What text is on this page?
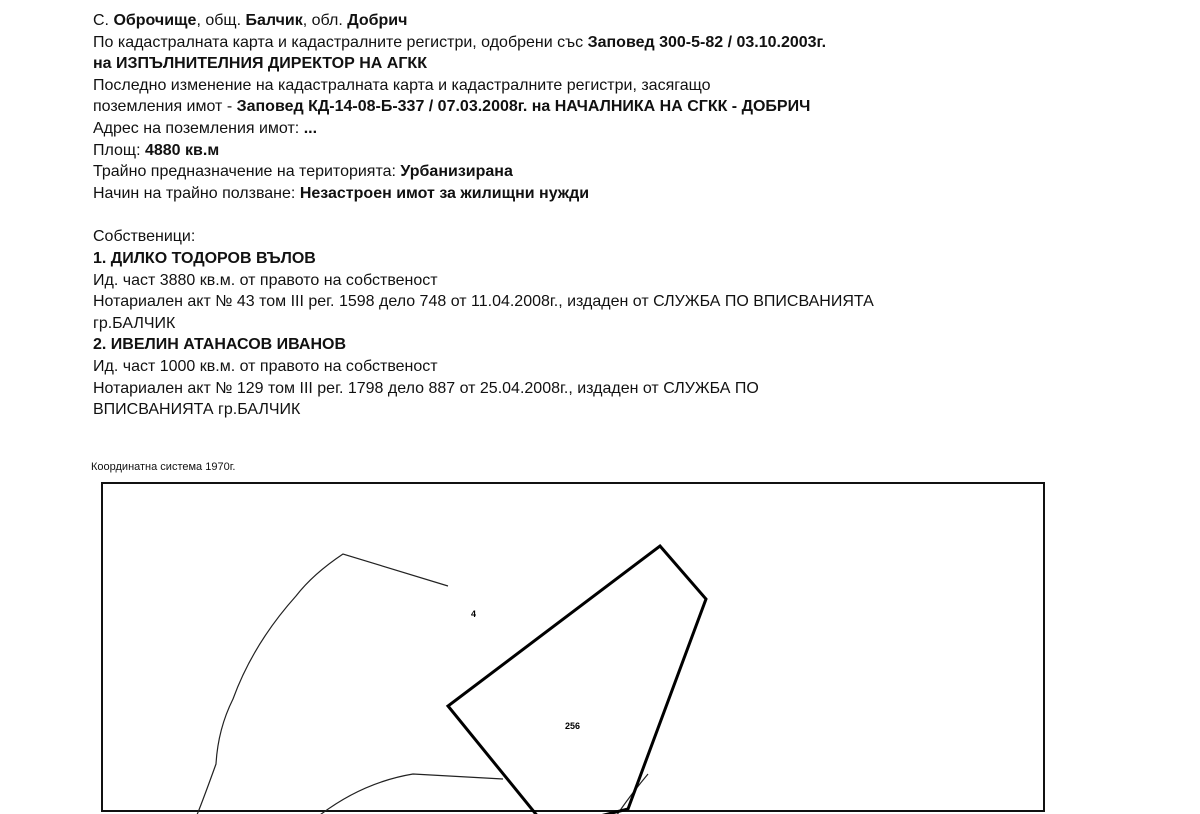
С. Оброчище, общ. Балчик, обл. Добрич
По кадастралната карта и кадастралните регистри, одобрени със Заповед 300-5-82 / 03.10.2003г.
на ИЗПЪЛНИТЕЛНИЯ ДИРЕКТОР НА АГКК
Последно изменение на кадастралната карта и кадастралните регистри, засягащо
поземления имот - Заповед КД-14-08-Б-337 / 07.03.2008г. на НАЧАЛНИКА НА СГКК - ДОБРИЧ
Адрес на поземления имот: ...
Площ: 4880 кв.м
Трайно предназначение на територията: Урбанизирана
Начин на трайно ползване: Незастроен имот за жилищни нужди
Собственици:
1. ДИЛКО ТОДОРОВ ВЪЛОВ
Ид. част 3880 кв.м. от правото на собственост
Нотариален акт № 43 том III рег. 1598 дело 748 от 11.04.2008г., издаден от СЛУЖБА ПО ВПИСВАНИЯТА
гр.БАЛЧИК
2. ИВЕЛИН АТАНАСОВ ИВАНОВ
Ид. част 1000 кв.м. от правото на собственост
Нотариален акт № 129 том III рег. 1798 дело 887 от 25.04.2008г., издаден от СЛУЖБА ПО
ВПИСВАНИЯТА гр.БАЛЧИК
Координатна система 1970г.
4
256
